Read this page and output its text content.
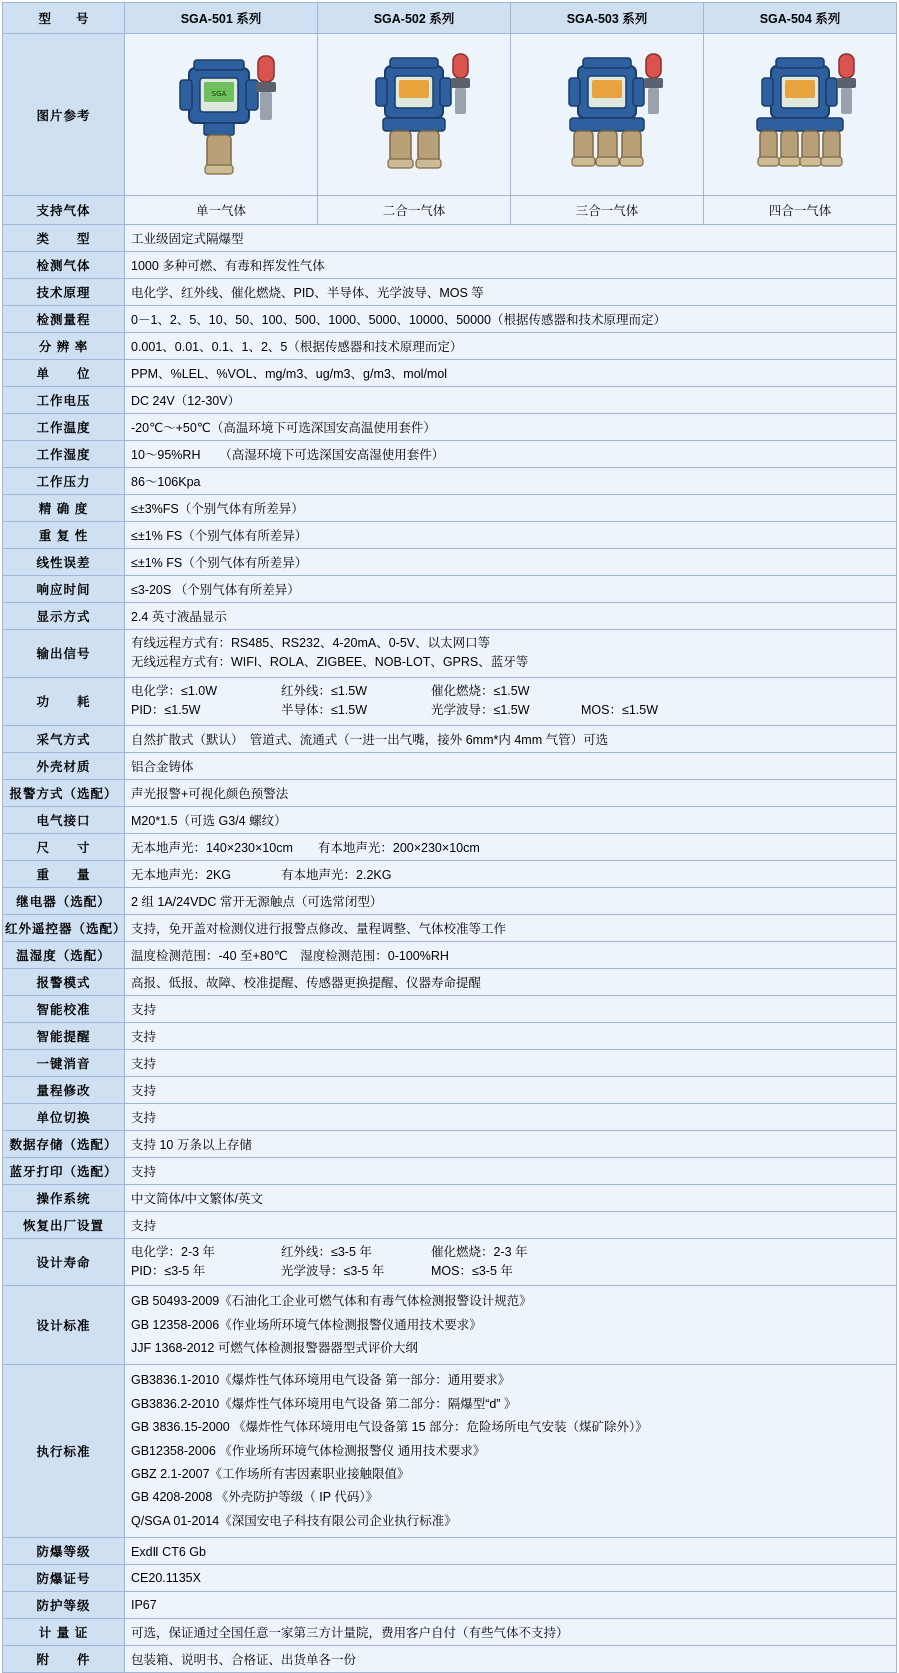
型　　号	SGA-501 系列	SGA-502 系列	SGA-503 系列	SGA-504 系列
图片参考	SGA

支持气体	单一气体	二合一气体	三合一气体	四合一气体
类　　型	工业级固定式隔爆型			
检测气体	1000 多种可燃、有毒和挥发性气体			
技术原理	电化学、红外线、催化燃烧、PID、半导体、光学波导、MOS 等			
检测量程	0－1、2、5、10、50、100、500、1000、5000、10000、50000（根据传感器和技术原理而定）			
分 辨 率	0.001、0.01、0.1、1、2、5（根据传感器和技术原理而定）			
单　　位	PPM、%LEL、%VOL、mg/m3、ug/m3、g/m3、mol/mol			
工作电压	DC 24V（12-30V）			
工作温度	-20℃～+50℃（高温环境下可选深国安高温使用套件）			
工作湿度	10～95%RH　　（高湿环境下可选深国安高湿使用套件）			
工作压力	86～106Kpa			
精 确 度	≤±3%FS（个别气体有所差异）			
重 复 性	≤±1% FS（个别气体有所差异）			
线性误差	≤±1% FS（个别气体有所差异）			
响应时间	≤3-20S （个别气体有所差异）			
显示方式	2.4 英寸液晶显示			
输出信号	有线远程方式有：RS485、RS232、4-20mA、0-5V、以太网口等
无线远程方式有：WIFI、ROLA、ZIGBEE、NOB-LOT、GPRS、蓝牙等			

功　　耗	
电化学：≤1.0W	红外线：≤1.5W	催化燃烧：≤1.5W
PID：≤1.5W	半导体：≤1.5W	光学波导：≤1.5W	MOS：≤1.5W

采气方式	自然扩散式（默认）　管道式、流通式（一进一出气嘴，接外 6mm*内 4mm 气管）可选			
外壳材质	铝合金铸体			
报警方式（选配）	声光报警+可视化颜色预警法			
电气接口	M20*1.5（可选 G3/4 螺纹）			
尺　　寸	无本地声光：140×230×10cm　　有本地声光：200×230×10cm			
重　　量	无本地声光：2KG　　　　有本地声光：2.2KG			
继电器（选配）	2 组 1A/24VDC 常开无源触点（可选常闭型）			
红外遥控器（选配）	支持，免开盖对检测仪进行报警点修改、量程调整、气体校准等工作			
温湿度（选配）	温度检测范围：-40 至+80℃　湿度检测范围：0-100%RH			
报警模式	高报、低报、故障、校准提醒、传感器更换提醒、仪器寿命提醒			
智能校准	支持			
智能提醒	支持			
一键消音	支持			
量程修改	支持			
单位切换	支持			
数据存储（选配）	支持 10 万条以上存储			
蓝牙打印（选配）	支持			
操作系统	中文简体/中文繁体/英文			
恢复出厂设置	支持			
设计寿命	
电化学：2-3 年	红外线：≤3-5 年	催化燃烧：2-3 年
PID：≤3-5 年	光学波导：≤3-5 年	MOS：≤3-5 年

设计标准	GB 50493-2009《石油化工企业可燃气体和有毒气体检测报警设计规范》
GB 12358-2006《作业场所环境气体检测报警仪通用技术要求》
JJF 1368-2012 可燃气体检测报警器器型式评价大纲			

执行标准	
GB3836.1-2010《爆炸性气体环境用电气设备 第一部分：通用要求》
GB3836.2-2010《爆炸性气体环境用电气设备 第二部分：隔爆型“d” 》
GB 3836.15-2000 《爆炸性气体环境用电气设备第 15 部分：危险场所电气安装（煤矿除外）》
GB12358-2006 《作业场所环境气体检测报警仪 通用技术要求》
GBZ 2.1-2007《工作场所有害因素职业接触限值》
GB 4208-2008 《外壳防护等级（ IP 代码）》
Q/SGA 01-2014《深国安电子科技有限公司企业执行标准》

防爆等级	ExdⅡ CT6 Gb			
防爆证号	CE20.1135X			
防护等级	IP67			
计 量 证	可选，保证通过全国任意一家第三方计量院，费用客户自付（有些气体不支持）			
附　　件	包装箱、说明书、合格证、出货单各一份			
